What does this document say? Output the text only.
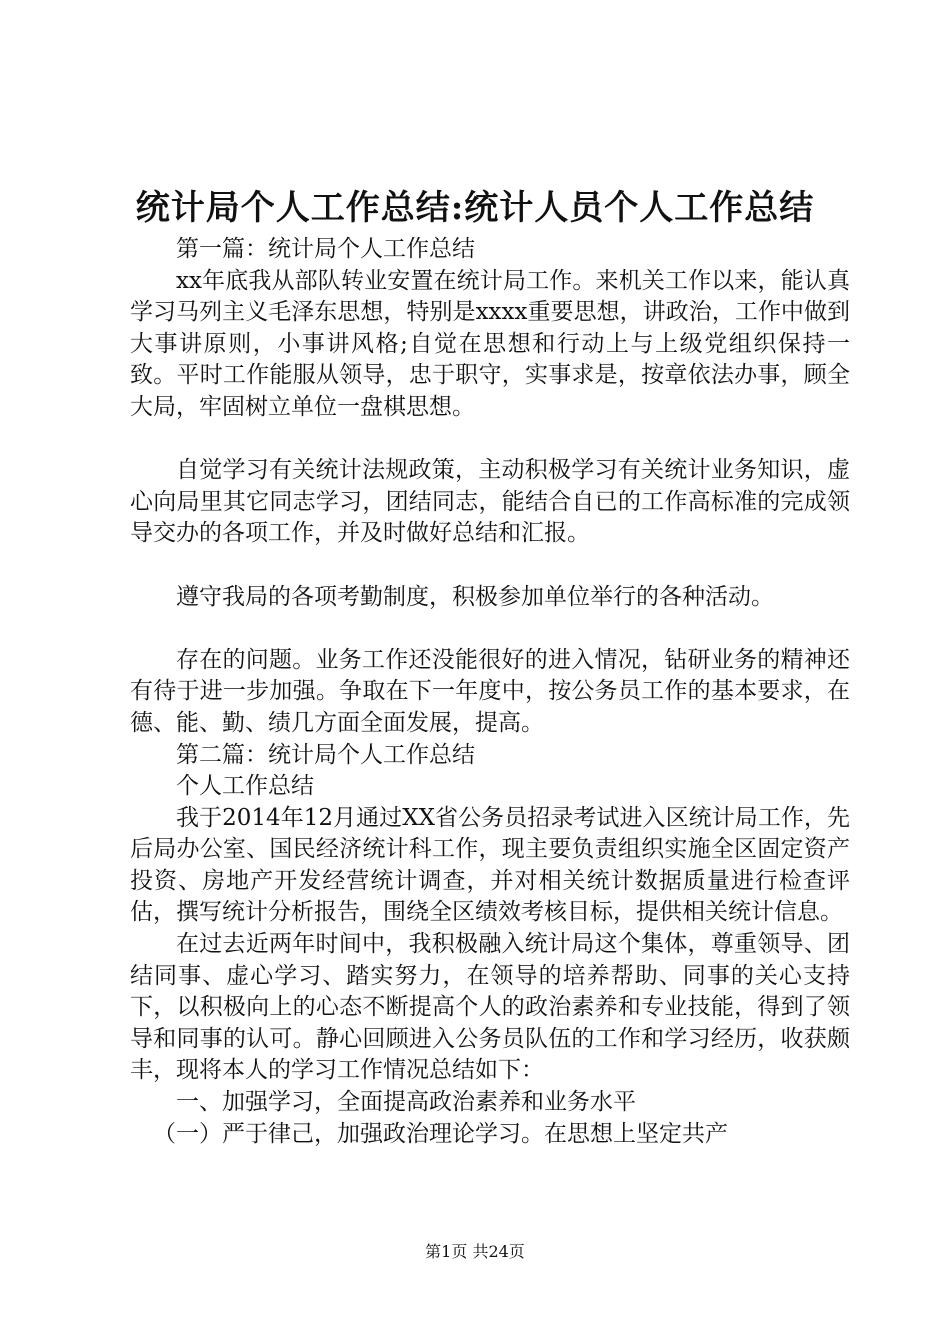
统计局个人工作总结:统计人员个人工作总结

第一篇：统计局个人工作总结

xx年底我从部队转业安置在统计局工作。来机关工作以来，能认真学习马列主义毛泽东思想，特别是xxxx重要思想，讲政治，工作中做到大事讲原则，小事讲风格;自觉在思想和行动上与上级党组织保持一致。平时工作能服从领导，忠于职守，实事求是，按章依法办事，顾全大局，牢固树立单位一盘棋思想。

自觉学习有关统计法规政策，主动积极学习有关统计业务知识，虚心向局里其它同志学习，团结同志，能结合自已的工作高标准的完成领导交办的各项工作，并及时做好总结和汇报。

遵守我局的各项考勤制度，积极参加单位举行的各种活动。

存在的问题。业务工作还没能很好的进入情况，钻研业务的精神还有待于进一步加强。争取在下一年度中，按公务员工作的基本要求，在德、能、勤、绩几方面全面发展，提高。

第二篇：统计局个人工作总结

个人工作总结

我于2014年12月通过XX省公务员招录考试进入区统计局工作，先后局办公室、国民经济统计科工作，现主要负责组织实施全区固定资产投资、房地产开发经营统计调查，并对相关统计数据质量进行检查评估，撰写统计分析报告，围绕全区绩效考核目标，提供相关统计信息。

在过去近两年时间中，我积极融入统计局这个集体，尊重领导、团结同事、虚心学习、踏实努力，在领导的培养帮助、同事的关心支持下，以积极向上的心态不断提高个人的政治素养和专业技能，得到了领导和同事的认可。静心回顾进入公务员队伍的工作和学习经历，收获颇丰，现将本人的学习工作情况总结如下：

一、加强学习，全面提高政治素养和业务水平

（一）严于律己，加强政治理论学习。在思想上坚定共产

第1页 共24页
